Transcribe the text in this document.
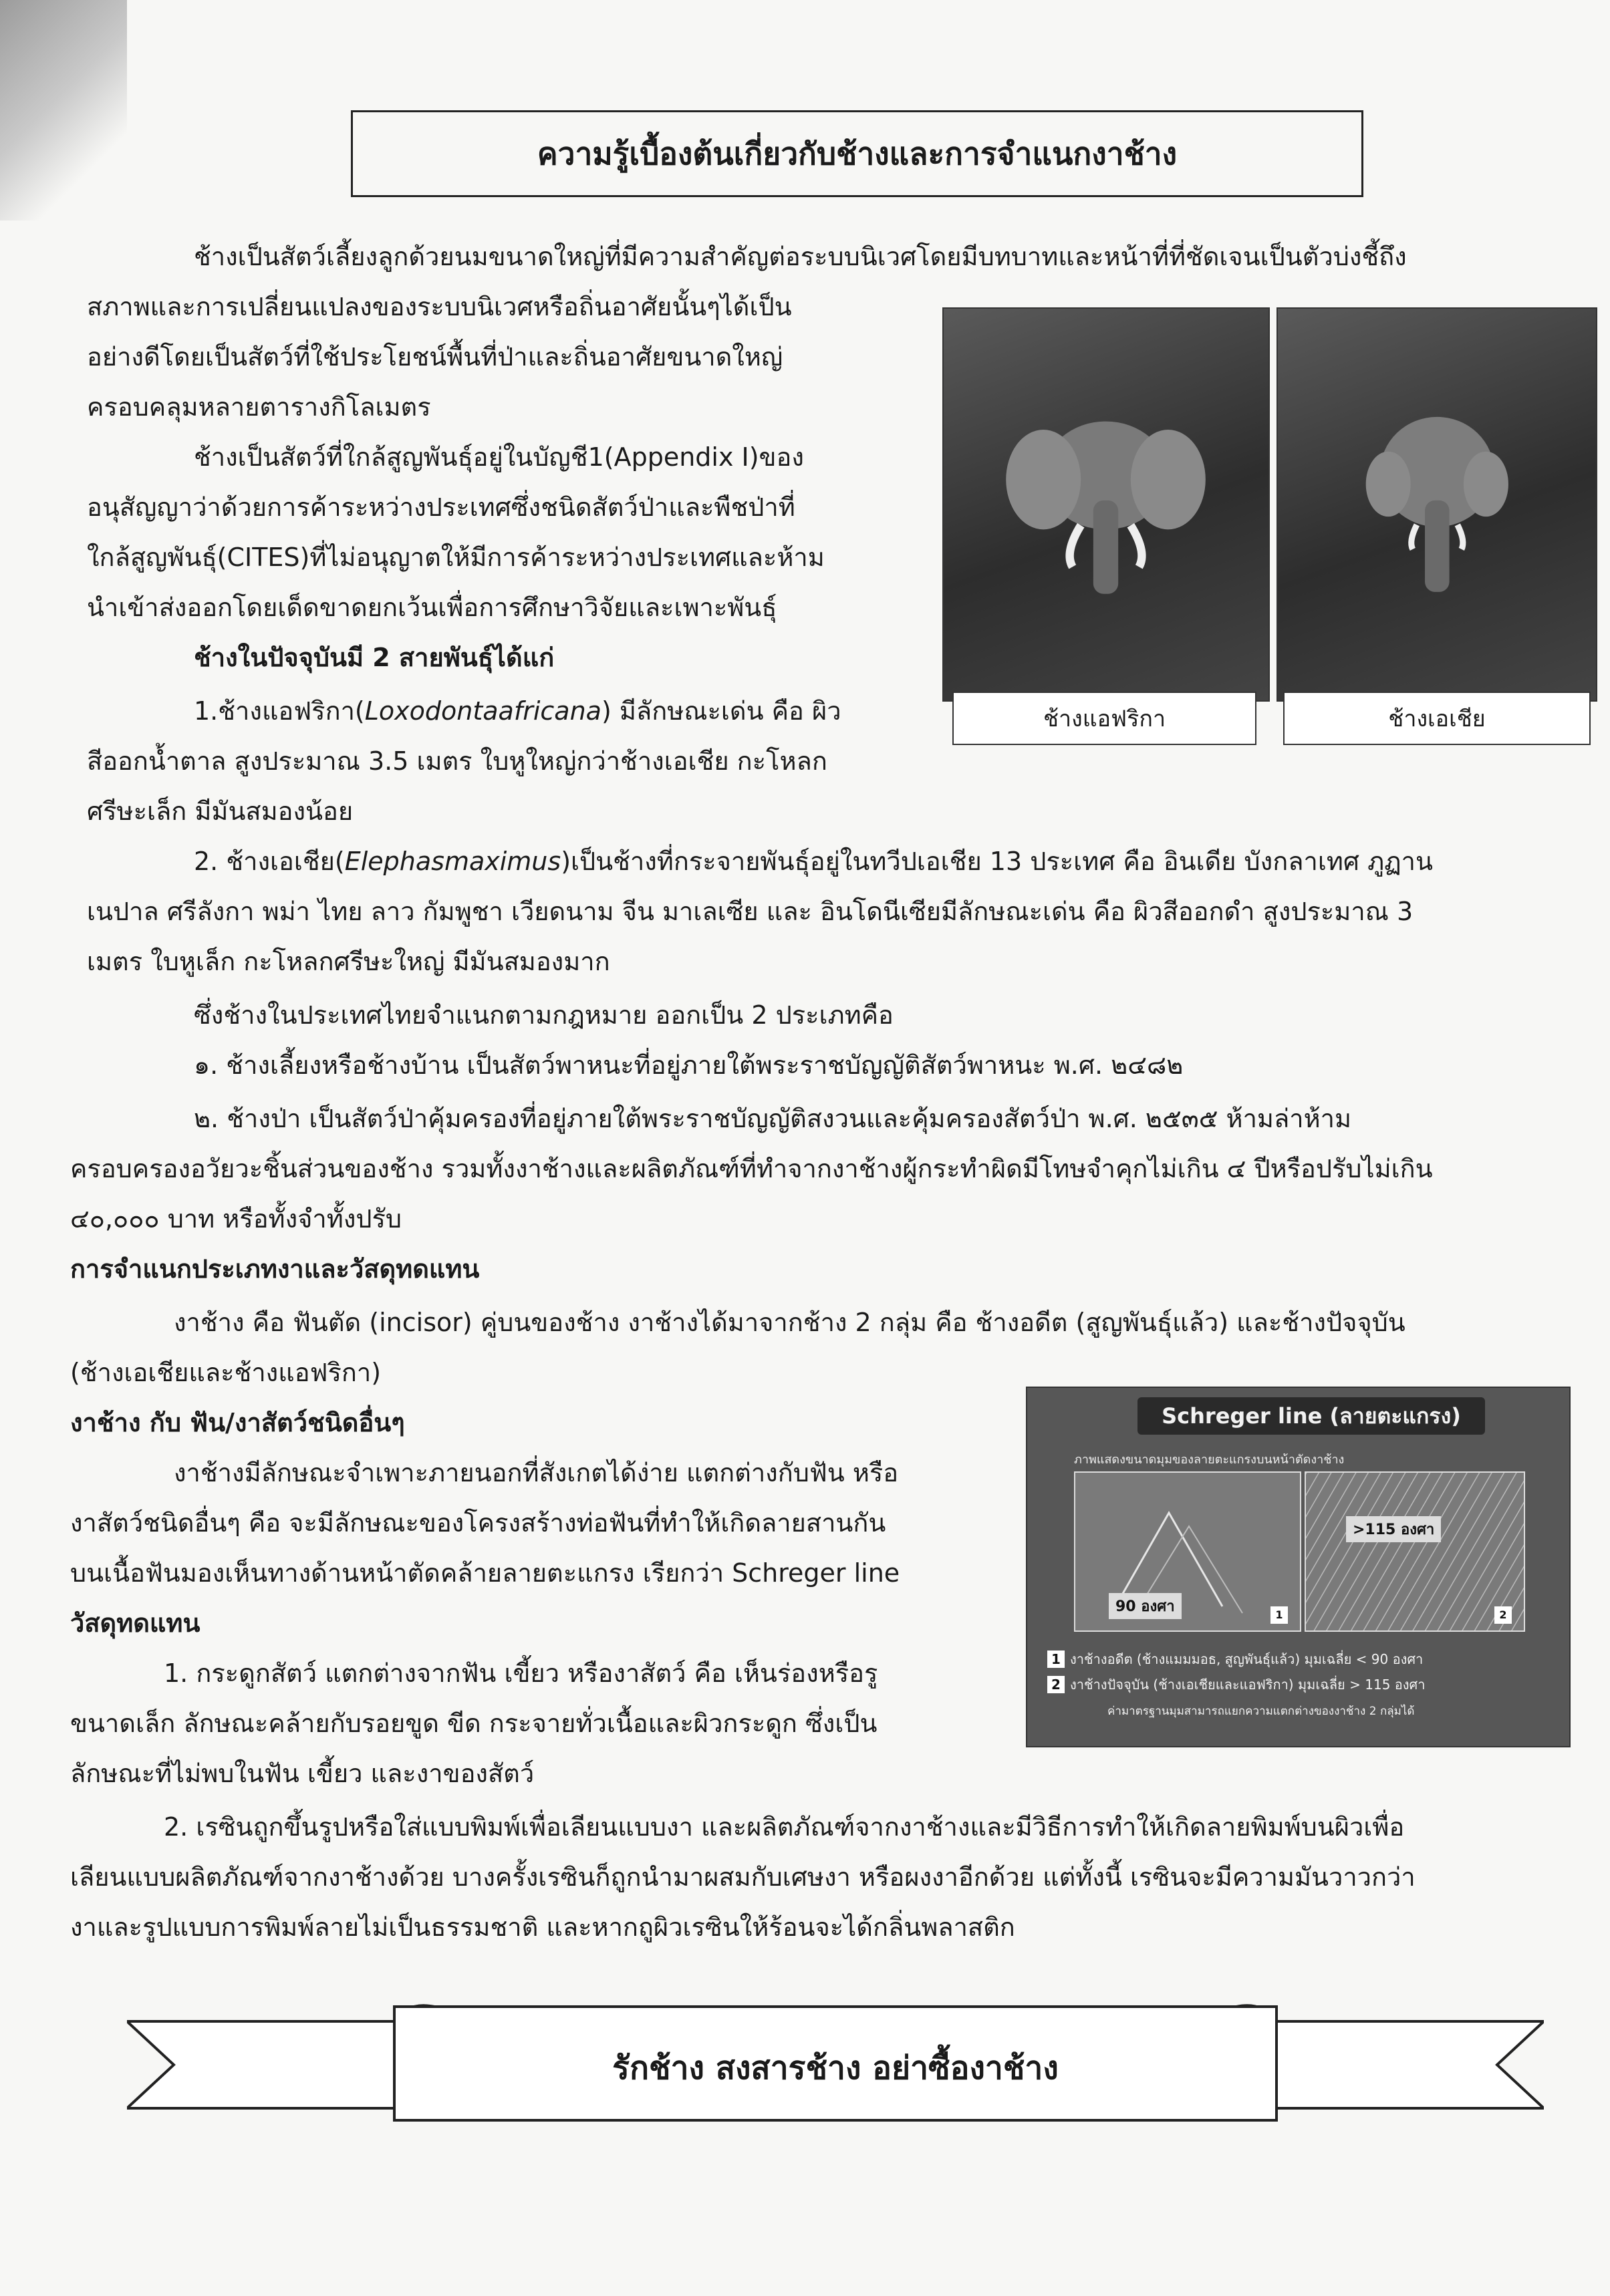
ความรู้เบื้องต้นเกี่ยวกับช้างและการจำแนกงาช้าง
ช้างเป็นสัตว์เลี้ยงลูกด้วยนมขนาดใหญ่ที่มีความสำคัญต่อระบบนิเวศโดยมีบทบาทและหน้าที่ที่ชัดเจนเป็นตัวบ่งชี้ถึง
สภาพและการเปลี่ยนแปลงของระบบนิเวศหรือถิ่นอาศัยนั้นๆได้เป็น
อย่างดีโดยเป็นสัตว์ที่ใช้ประโยชน์พื้นที่ป่าและถิ่นอาศัยขนาดใหญ่
ครอบคลุมหลายตารางกิโลเมตร
ช้างเป็นสัตว์ที่ใกล้สูญพันธุ์อยู่ในบัญชี1(Appendix I)ของ
อนุสัญญาว่าด้วยการค้าระหว่างประเทศซึ่งชนิดสัตว์ป่าและพืชป่าที่
ใกล้สูญพันธุ์(CITES)ที่ไม่อนุญาตให้มีการค้าระหว่างประเทศและห้าม
นำเข้าส่งออกโดยเด็ดขาดยกเว้นเพื่อการศึกษาวิจัยและเพาะพันธุ์
ช้างในปัจจุบันมี 2 สายพันธุ์ได้แก่
1.ช้างแอฟริกา(Loxodontaafricana) มีลักษณะเด่น คือ ผิว
สีออกน้ำตาล สูงประมาณ 3.5 เมตร ใบหูใหญ่กว่าช้างเอเชีย กะโหลก
ศรีษะเล็ก มีมันสมองน้อย
ช้างแอฟริกา	ช้างเอเชีย
2. ช้างเอเชีย(Elephasmaximus)เป็นช้างที่กระจายพันธุ์อยู่ในทวีปเอเชีย 13 ประเทศ คือ อินเดีย บังกลาเทศ ภูฏาน
เนปาล ศรีลังกา พม่า ไทย ลาว กัมพูชา เวียดนาม จีน มาเลเซีย และ อินโดนีเซียมีลักษณะเด่น คือ ผิวสีออกดำ สูงประมาณ 3
เมตร ใบหูเล็ก กะโหลกศรีษะใหญ่ มีมันสมองมาก
ซึ่งช้างในประเทศไทยจำแนกตามกฎหมาย ออกเป็น 2 ประเภทคือ
๑. ช้างเลี้ยงหรือช้างบ้าน เป็นสัตว์พาหนะที่อยู่ภายใต้พระราชบัญญัติสัตว์พาหนะ พ.ศ. ๒๔๘๒
๒. ช้างป่า เป็นสัตว์ป่าคุ้มครองที่อยู่ภายใต้พระราชบัญญัติสงวนและคุ้มครองสัตว์ป่า พ.ศ. ๒๕๓๕ ห้ามล่าห้าม
ครอบครองอวัยวะชิ้นส่วนของช้าง รวมทั้งงาช้างและผลิตภัณฑ์ที่ทำจากงาช้างผู้กระทำผิดมีโทษจำคุกไม่เกิน ๔ ปีหรือปรับไม่เกิน
๔๐,๐๐๐ บาท หรือทั้งจำทั้งปรับ
การจำแนกประเภทงาและวัสดุทดแทน
งาช้าง คือ ฟันตัด (incisor) คู่บนของช้าง งาช้างได้มาจากช้าง 2 กลุ่ม คือ ช้างอดีต (สูญพันธุ์แล้ว) และช้างปัจจุบัน
(ช้างเอเชียและช้างแอฟริกา)
งาช้าง กับ ฟัน/งาสัตว์ชนิดอื่นๆ
งาช้างมีลักษณะจำเพาะภายนอกที่สังเกตได้ง่าย แตกต่างกับฟัน หรือ
งาสัตว์ชนิดอื่นๆ คือ จะมีลักษณะของโครงสร้างท่อฟันที่ทำให้เกิดลายสานกัน
บนเนื้อฟันมองเห็นทางด้านหน้าตัดคล้ายลายตะแกรง เรียกว่า Schreger line
วัสดุทดแทน
1. กระดูกสัตว์ แตกต่างจากฟัน เขี้ยว หรืองาสัตว์ คือ เห็นร่องหรือรู
ขนาดเล็ก ลักษณะคล้ายกับรอยขูด ขีด กระจายทั่วเนื้อและผิวกระดูก ซึ่งเป็น
ลักษณะที่ไม่พบในฟัน เขี้ยว และงาของสัตว์
2. เรซินถูกขึ้นรูปหรือใส่แบบพิมพ์เพื่อเลียนแบบงา และผลิตภัณฑ์จากงาช้างและมีวิธีการทำให้เกิดลายพิมพ์บนผิวเพื่อ
เลียนแบบผลิตภัณฑ์จากงาช้างด้วย บางครั้งเรซินก็ถูกนำมาผสมกับเศษงา หรือผงงาอีกด้วย แต่ทั้งนี้ เรซินจะมีความมันวาวกว่า
งาและรูปแบบการพิมพ์ลายไม่เป็นธรรมชาติ และหากถูผิวเรซินให้ร้อนจะได้กลิ่นพลาสติก
Schreger line (ลายตะแกรง)
ภาพแสดงขนาดมุมของลายตะแกรงบนหน้าตัดงาช้าง
90 องศา	1
>115 องศา
2
1 งาช้างอดีต (ช้างแมมมอธ, สูญพันธุ์แล้ว) มุมเฉลี่ย < 90 องศา
2 งาช้างปัจจุบัน (ช้างเอเชียและแอฟริกา) มุมเฉลี่ย > 115 องศา
ค่ามาตรฐานมุมสามารถแยกความแตกต่างของงาช้าง 2 กลุ่มได้
รักช้าง สงสารช้าง อย่าซื้องาช้าง
